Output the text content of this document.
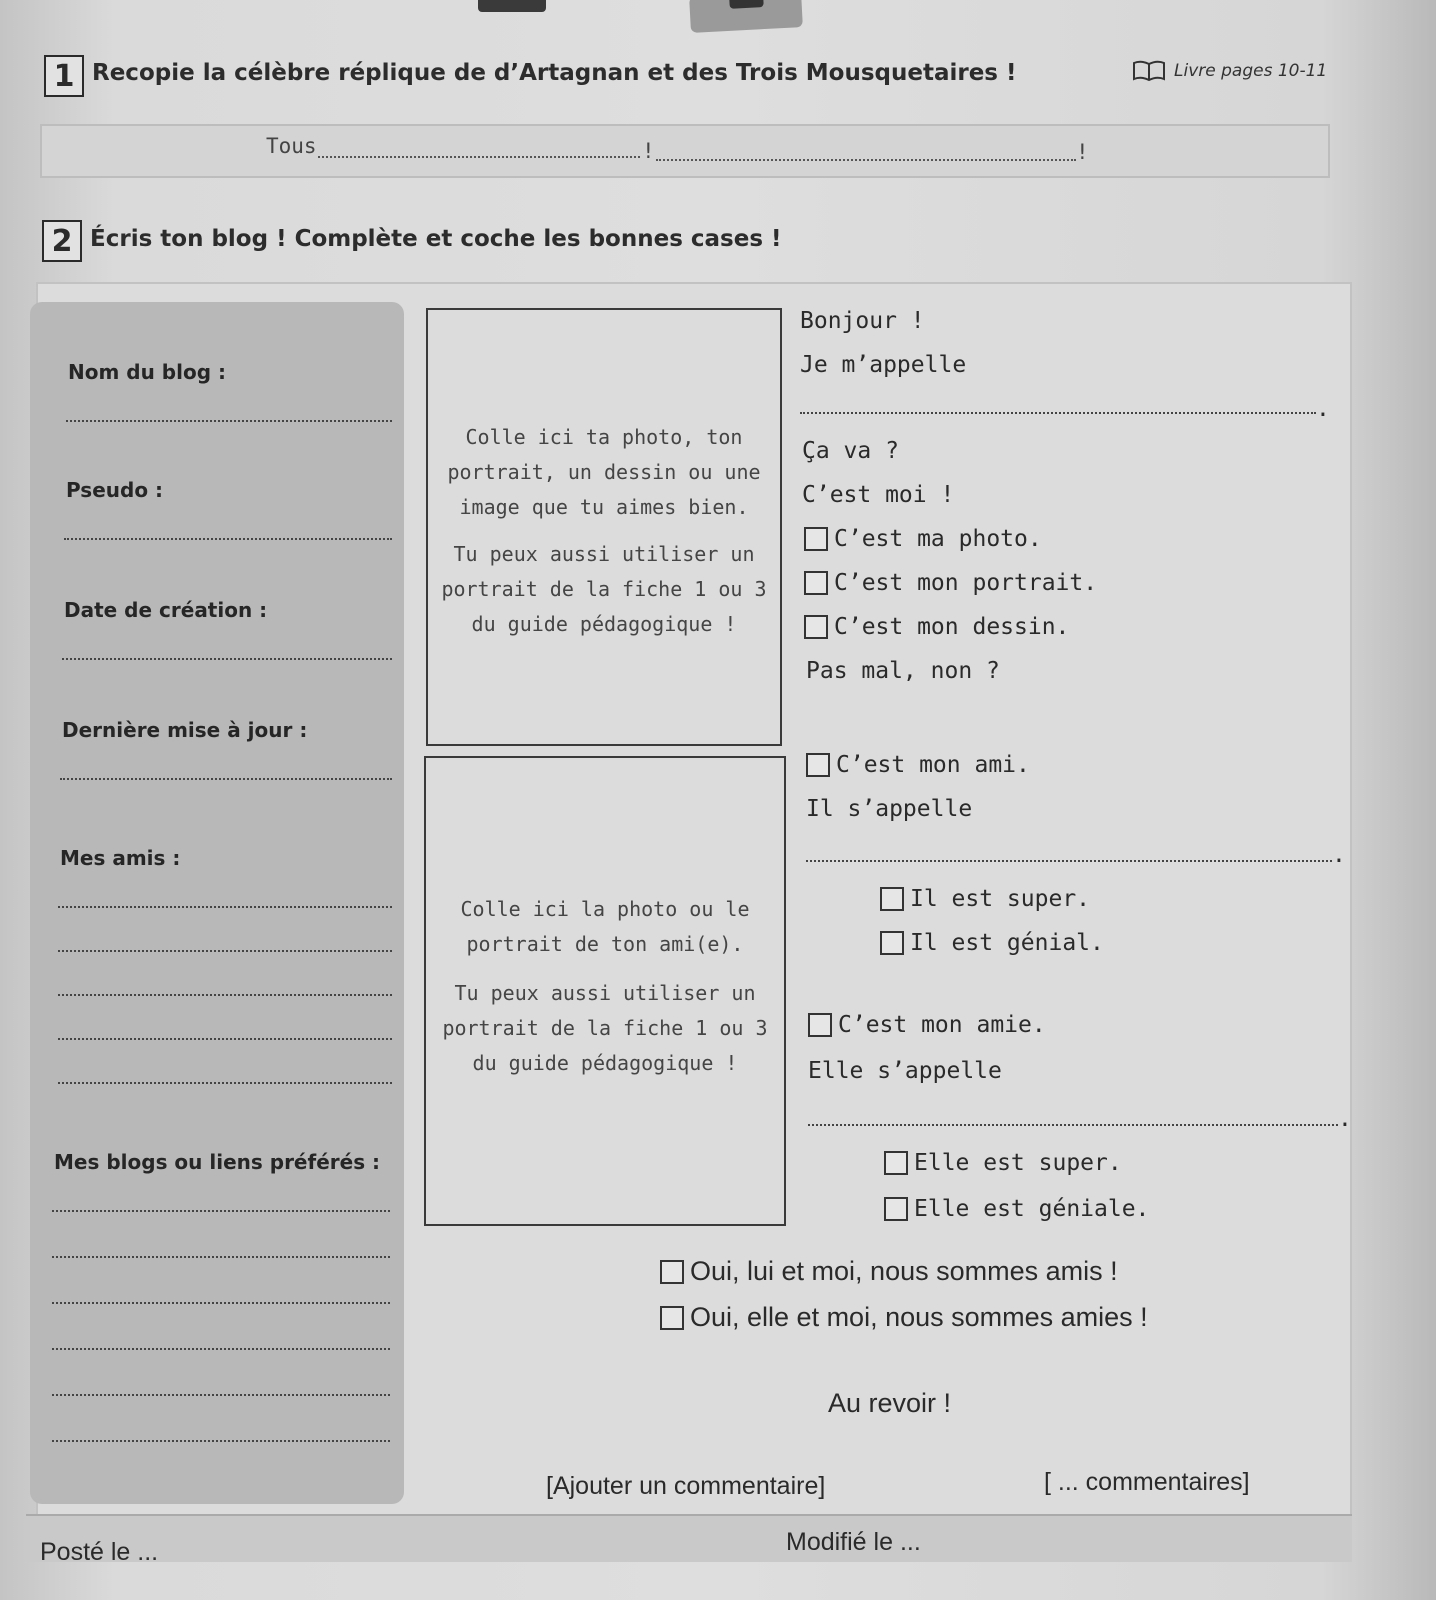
1 Recopie la célèbre réplique de d’Artagnan et des Trois Mousquetaires !	Livre pages 10-11
Tous	!	!
2 Écris ton blog ! Complète et coche les bonnes cases !
Nom du blog :
Pseudo :
Date de création :
Dernière mise à jour :
Mes amis :
Mes blogs ou liens préférés :
Colle ici ta photo, ton
portrait, un dessin ou une
image que tu aimes bien.
Tu peux aussi utiliser un
portrait de la fiche 1 ou 3
du guide pédagogique !
Colle ici la photo ou le
portrait de ton ami(e).
Tu peux aussi utiliser un
portrait de la fiche 1 ou 3
du guide pédagogique !
Bonjour !
Je m’appelle
.
Ça va ?
C’est moi !
C’est ma photo.
C’est mon portrait.
C’est mon dessin.
Pas mal, non ?
C’est mon ami.
Il s’appelle
.
Il est super.
Il est génial.
C’est mon amie.
Elle s’appelle
.
Elle est super.
Elle est géniale.
Oui, lui et moi, nous sommes amis !
Oui, elle et moi, nous sommes amies !
Au revoir !
[Ajouter un commentaire]	[ ... commentaires]
Posté le ...	Modifié le ...
